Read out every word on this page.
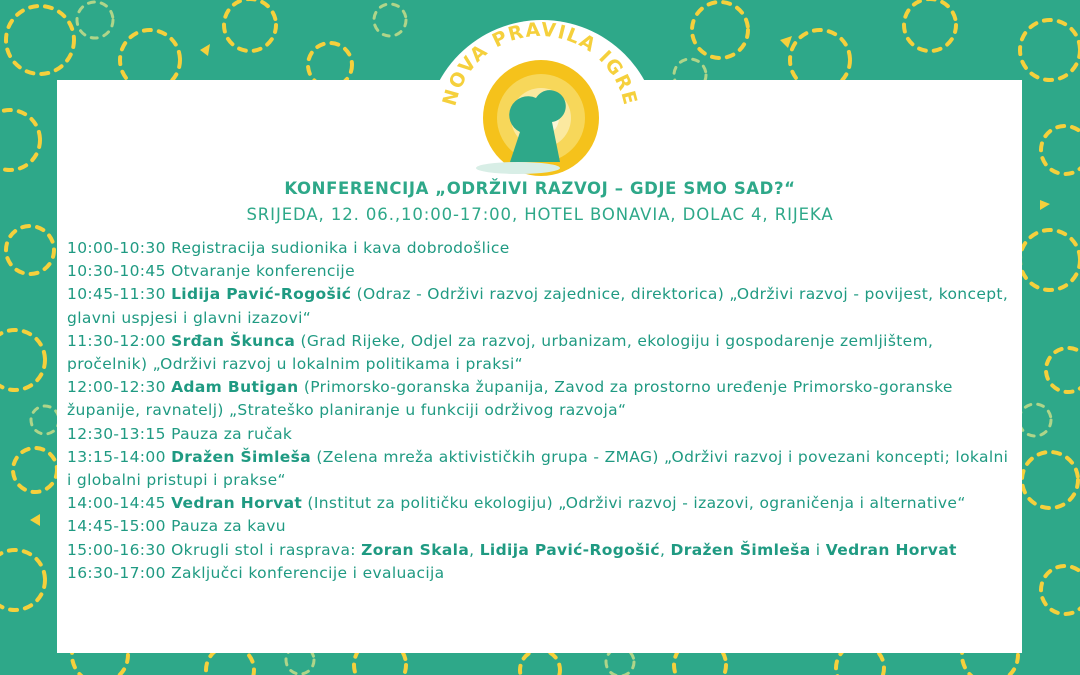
NOVA PRAVILA IGRE
KONFERENCIJA „ODRŽIVI RAZVOJ – GDJE SMO SAD?“
SRIJEDA, 12. 06.,10:00-17:00, HOTEL BONAVIA, DOLAC 4, RIJEKA
10:00-10:30 Registracija sudionika i kava dobrodošlice
10:30-10:45 Otvaranje konferencije
10:45-11:30 Lidija Pavić-Rogošić (Odraz - Održivi razvoj zajednice, direktorica) „Održivi razvoj - povijest, koncept, glavni uspjesi i glavni izazovi“
11:30-12:00 Srđan Škunca (Grad Rijeke, Odjel za razvoj, urbanizam, ekologiju i gospodarenje zemljištem, pročelnik) „Održivi razvoj u lokalnim politikama i praksi“
12:00-12:30 Adam Butigan (Primorsko-goranska županija, Zavod za prostorno uređenje Primorsko-goranske županije, ravnatelj) „Strateško planiranje u funkciji održivog razvoja“
12:30-13:15 Pauza za ručak
13:15-14:00 Dražen Šimleša (Zelena mreža aktivističkih grupa - ZMAG) „Održivi razvoj i povezani koncepti; lokalni i globalni pristupi i prakse“
14:00-14:45 Vedran Horvat (Institut za političku ekologiju) „Održivi razvoj - izazovi, ograničenja i alternative“
14:45-15:00 Pauza za kavu
15:00-16:30 Okrugli stol i rasprava: Zoran Skala, Lidija Pavić-Rogošić, Dražen Šimleša i Vedran Horvat
16:30-17:00 Zaključci konferencije i evaluacija
